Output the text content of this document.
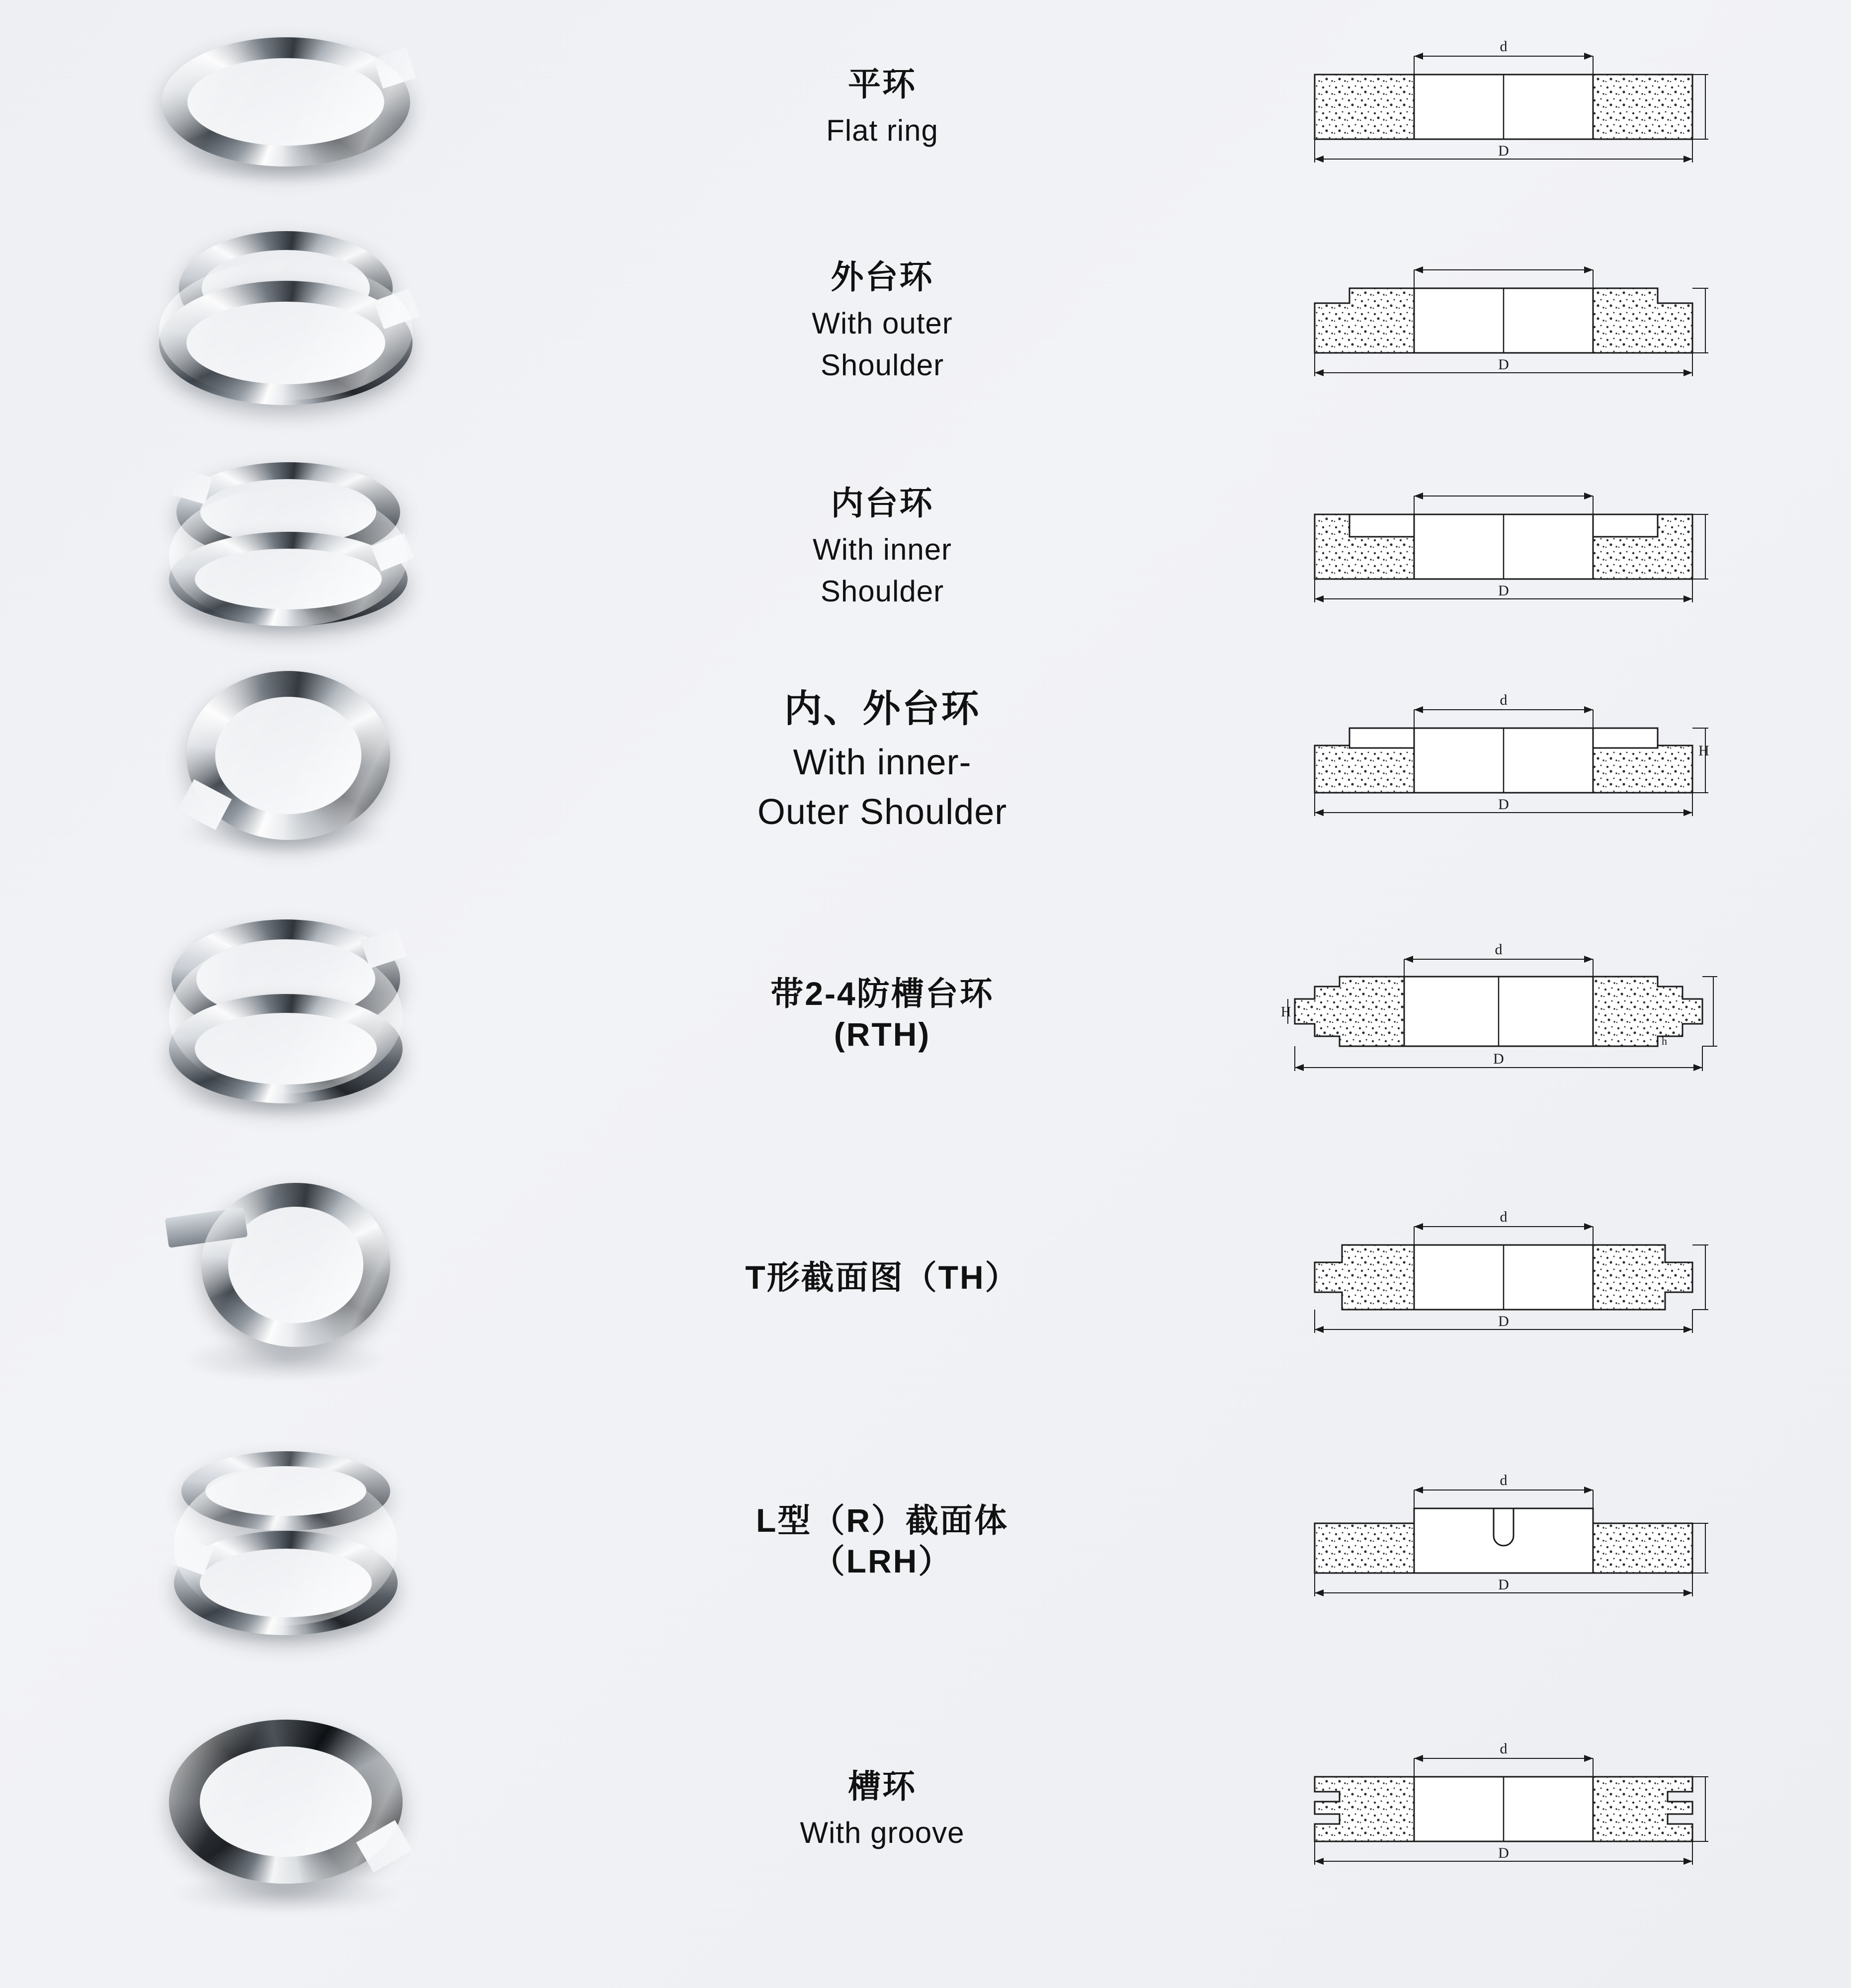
平环
Flat ring
d
D
外台环
With outer
Shoulder	D
内台环
With inner
Shoulder	D
内、外台环
With inner-
Outer Shoulder
d
D
H
带2-4防槽台环
(RTH)
d
D
H
h
T形截面图（TH）
d
D
L型（R）截面体
（LRH）
d
D
槽环
With groove
d
D
